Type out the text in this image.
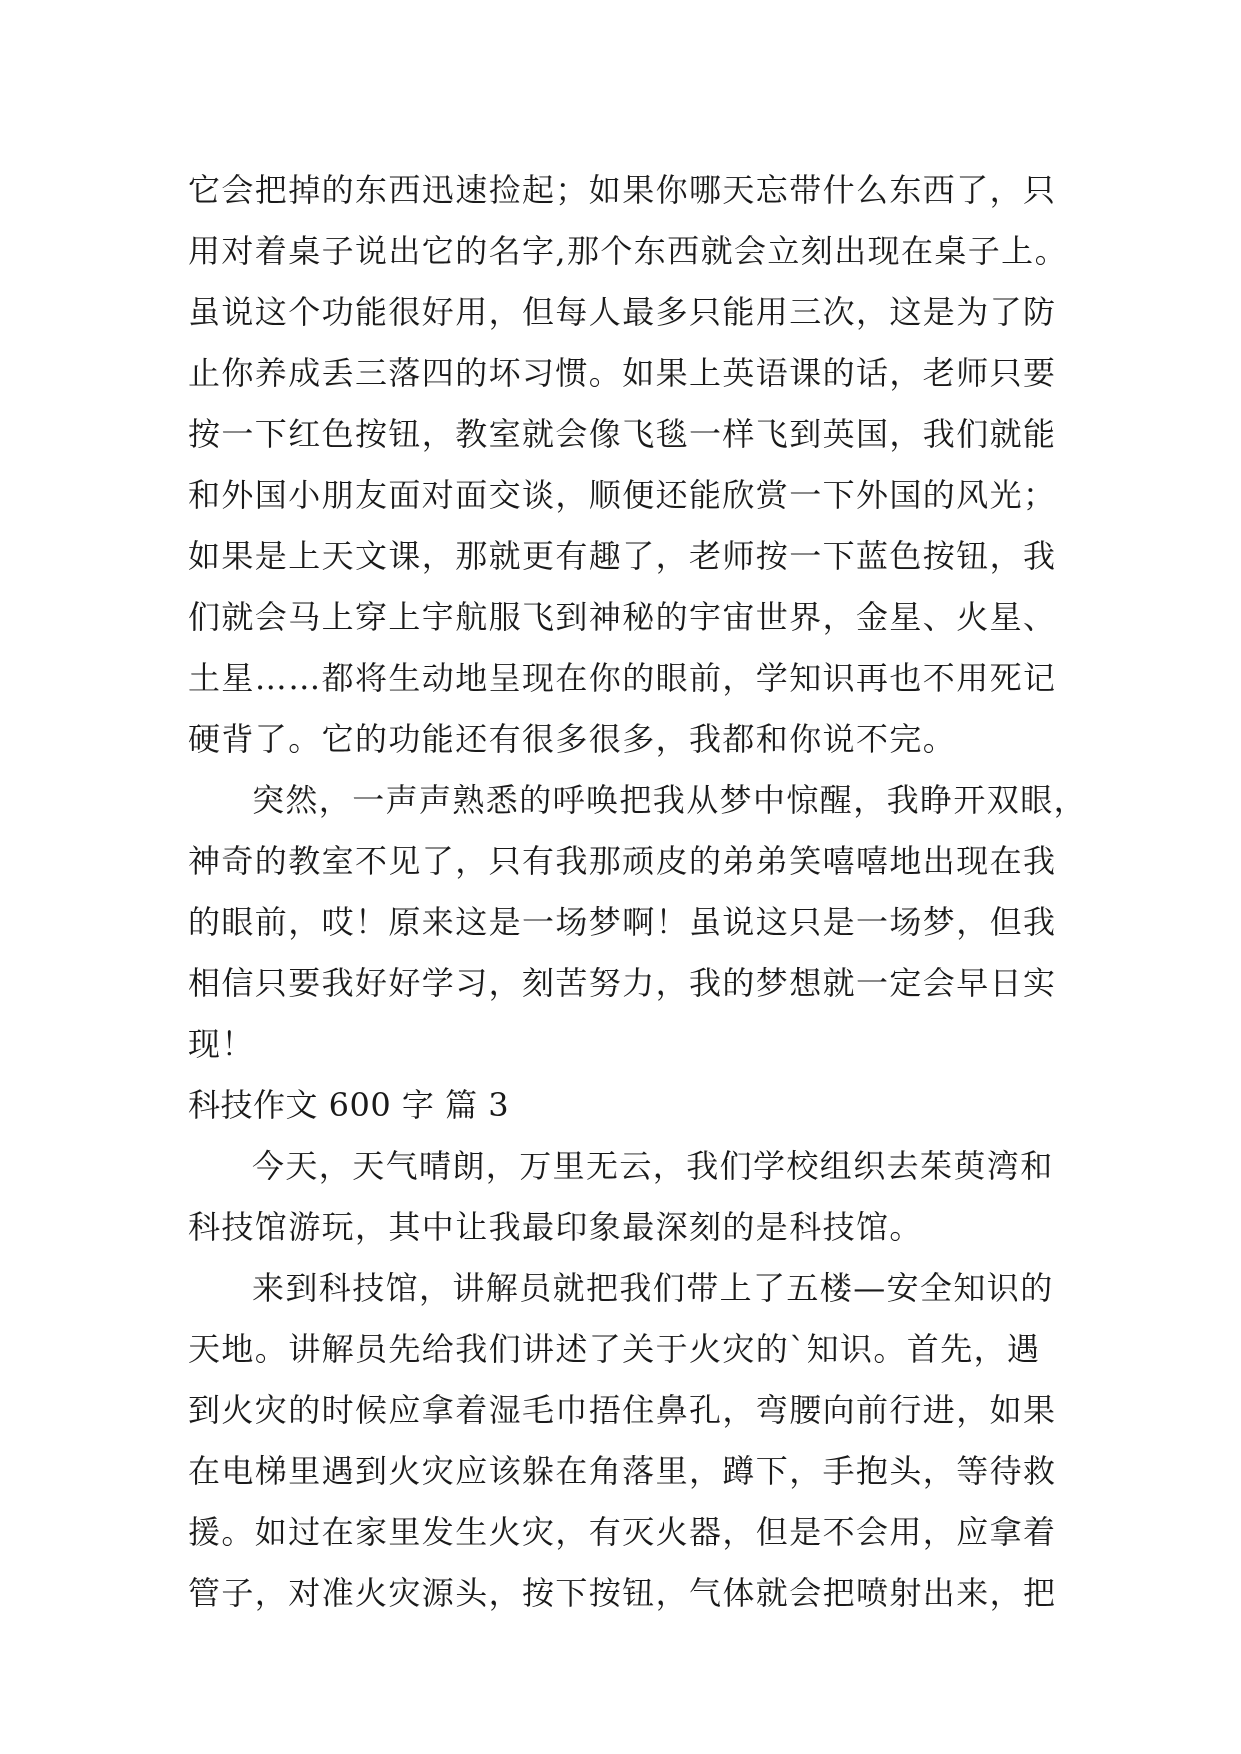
它会把掉的东西迅速捡起；如果你哪天忘带什么东西了，只
用对着桌子说出它的名字,那个东西就会立刻出现在桌子上。
虽说这个功能很好用，但每人最多只能用三次，这是为了防
止你养成丢三落四的坏习惯。如果上英语课的话，老师只要
按一下红色按钮，教室就会像飞毯一样飞到英国，我们就能
和外国小朋友面对面交谈，顺便还能欣赏一下外国的风光；
如果是上天文课，那就更有趣了，老师按一下蓝色按钮，我
们就会马上穿上宇航服飞到神秘的宇宙世界，金星、火星、
土星……都将生动地呈现在你的眼前，学知识再也不用死记
硬背了。它的功能还有很多很多，我都和你说不完。
突然，一声声熟悉的呼唤把我从梦中惊醒，我睁开双眼，
神奇的教室不见了，只有我那顽皮的弟弟笑嘻嘻地出现在我
的眼前，哎！原来这是一场梦啊！虽说这只是一场梦，但我
相信只要我好好学习，刻苦努力，我的梦想就一定会早日实
现！
科技作文 600 字 篇 3
今天，天气晴朗，万里无云，我们学校组织去茱萸湾和
科技馆游玩，其中让我最印象最深刻的是科技馆。
来到科技馆，讲解员就把我们带上了五楼—安全知识的
天地。讲解员先给我们讲述了关于火灾的`知识。首先，遇
到火灾的时候应拿着湿毛巾捂住鼻孔，弯腰向前行进，如果
在电梯里遇到火灾应该躲在角落里，蹲下，手抱头，等待救
援。如过在家里发生火灾，有灭火器，但是不会用，应拿着
管子，对准火灾源头，按下按钮，气体就会把喷射出来，把
